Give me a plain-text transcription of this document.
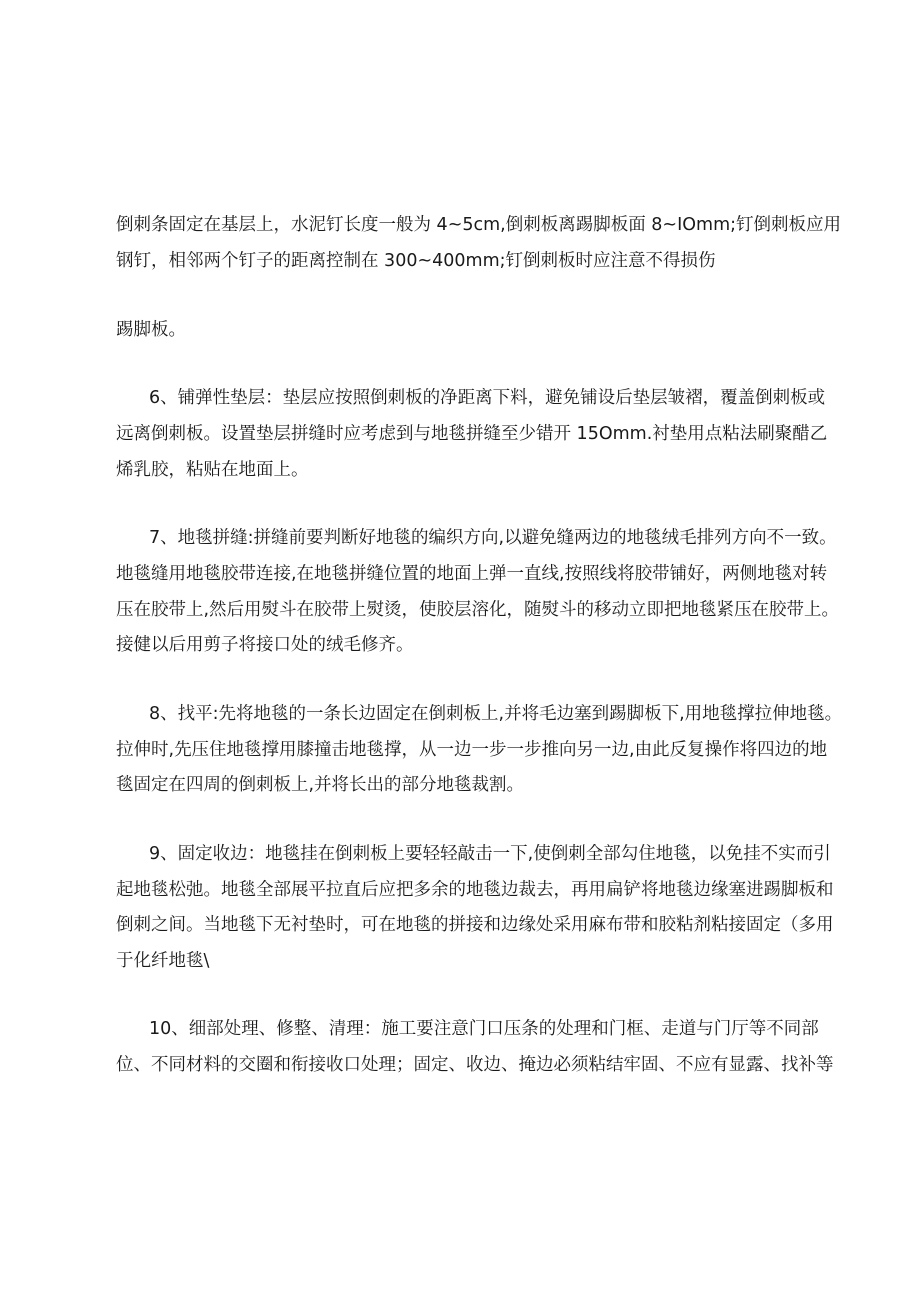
倒刺条固定在基层上，水泥钉长度一般为 4~5cm,倒刺板离踢脚板面 8~IOmm;钉倒刺板应用
钢钉，相邻两个钉子的距离控制在 300~400mm;钉倒刺板时应注意不得损伤
踢脚板。
6、铺弹性垫层：垫层应按照倒刺板的净距离下料，避免铺设后垫层皱褶，覆盖倒刺板或
远离倒刺板。设置垫层拼缝时应考虑到与地毯拼缝至少错开 15Omm.衬垫用点粘法刷聚醋乙
烯乳胶，粘贴在地面上。
7、地毯拼缝:拼缝前要判断好地毯的编织方向,以避免缝两边的地毯绒毛排列方向不一致。
地毯缝用地毯胶带连接,在地毯拼缝位置的地面上弹一直线,按照线将胶带铺好，两侧地毯对转
压在胶带上,然后用熨斗在胶带上熨烫，使胶层溶化，随熨斗的移动立即把地毯紧压在胶带上。
接健以后用剪子将接口处的绒毛修齐。
8、找平:先将地毯的一条长边固定在倒刺板上,并将毛边塞到踢脚板下,用地毯撑拉伸地毯。
拉伸时,先压住地毯撑用膝撞击地毯撑，从一边一步一步推向另一边,由此反复操作将四边的地
毯固定在四周的倒刺板上,并将长出的部分地毯裁割。
9、固定收边：地毯挂在倒刺板上要轻轻敲击一下,使倒刺全部勾住地毯，以免挂不实而引
起地毯松弛。地毯全部展平拉直后应把多余的地毯边裁去，再用扁铲将地毯边缘塞进踢脚板和
倒刺之间。当地毯下无衬垫时，可在地毯的拼接和边缘处采用麻布带和胶粘剂粘接固定（多用
于化纤地毯\
10、细部处理、修整、清理：施工要注意门口压条的处理和门框、走道与门厅等不同部
位、不同材料的交圈和衔接收口处理；固定、收边、掩边必须粘结牢固、不应有显露、找补等
